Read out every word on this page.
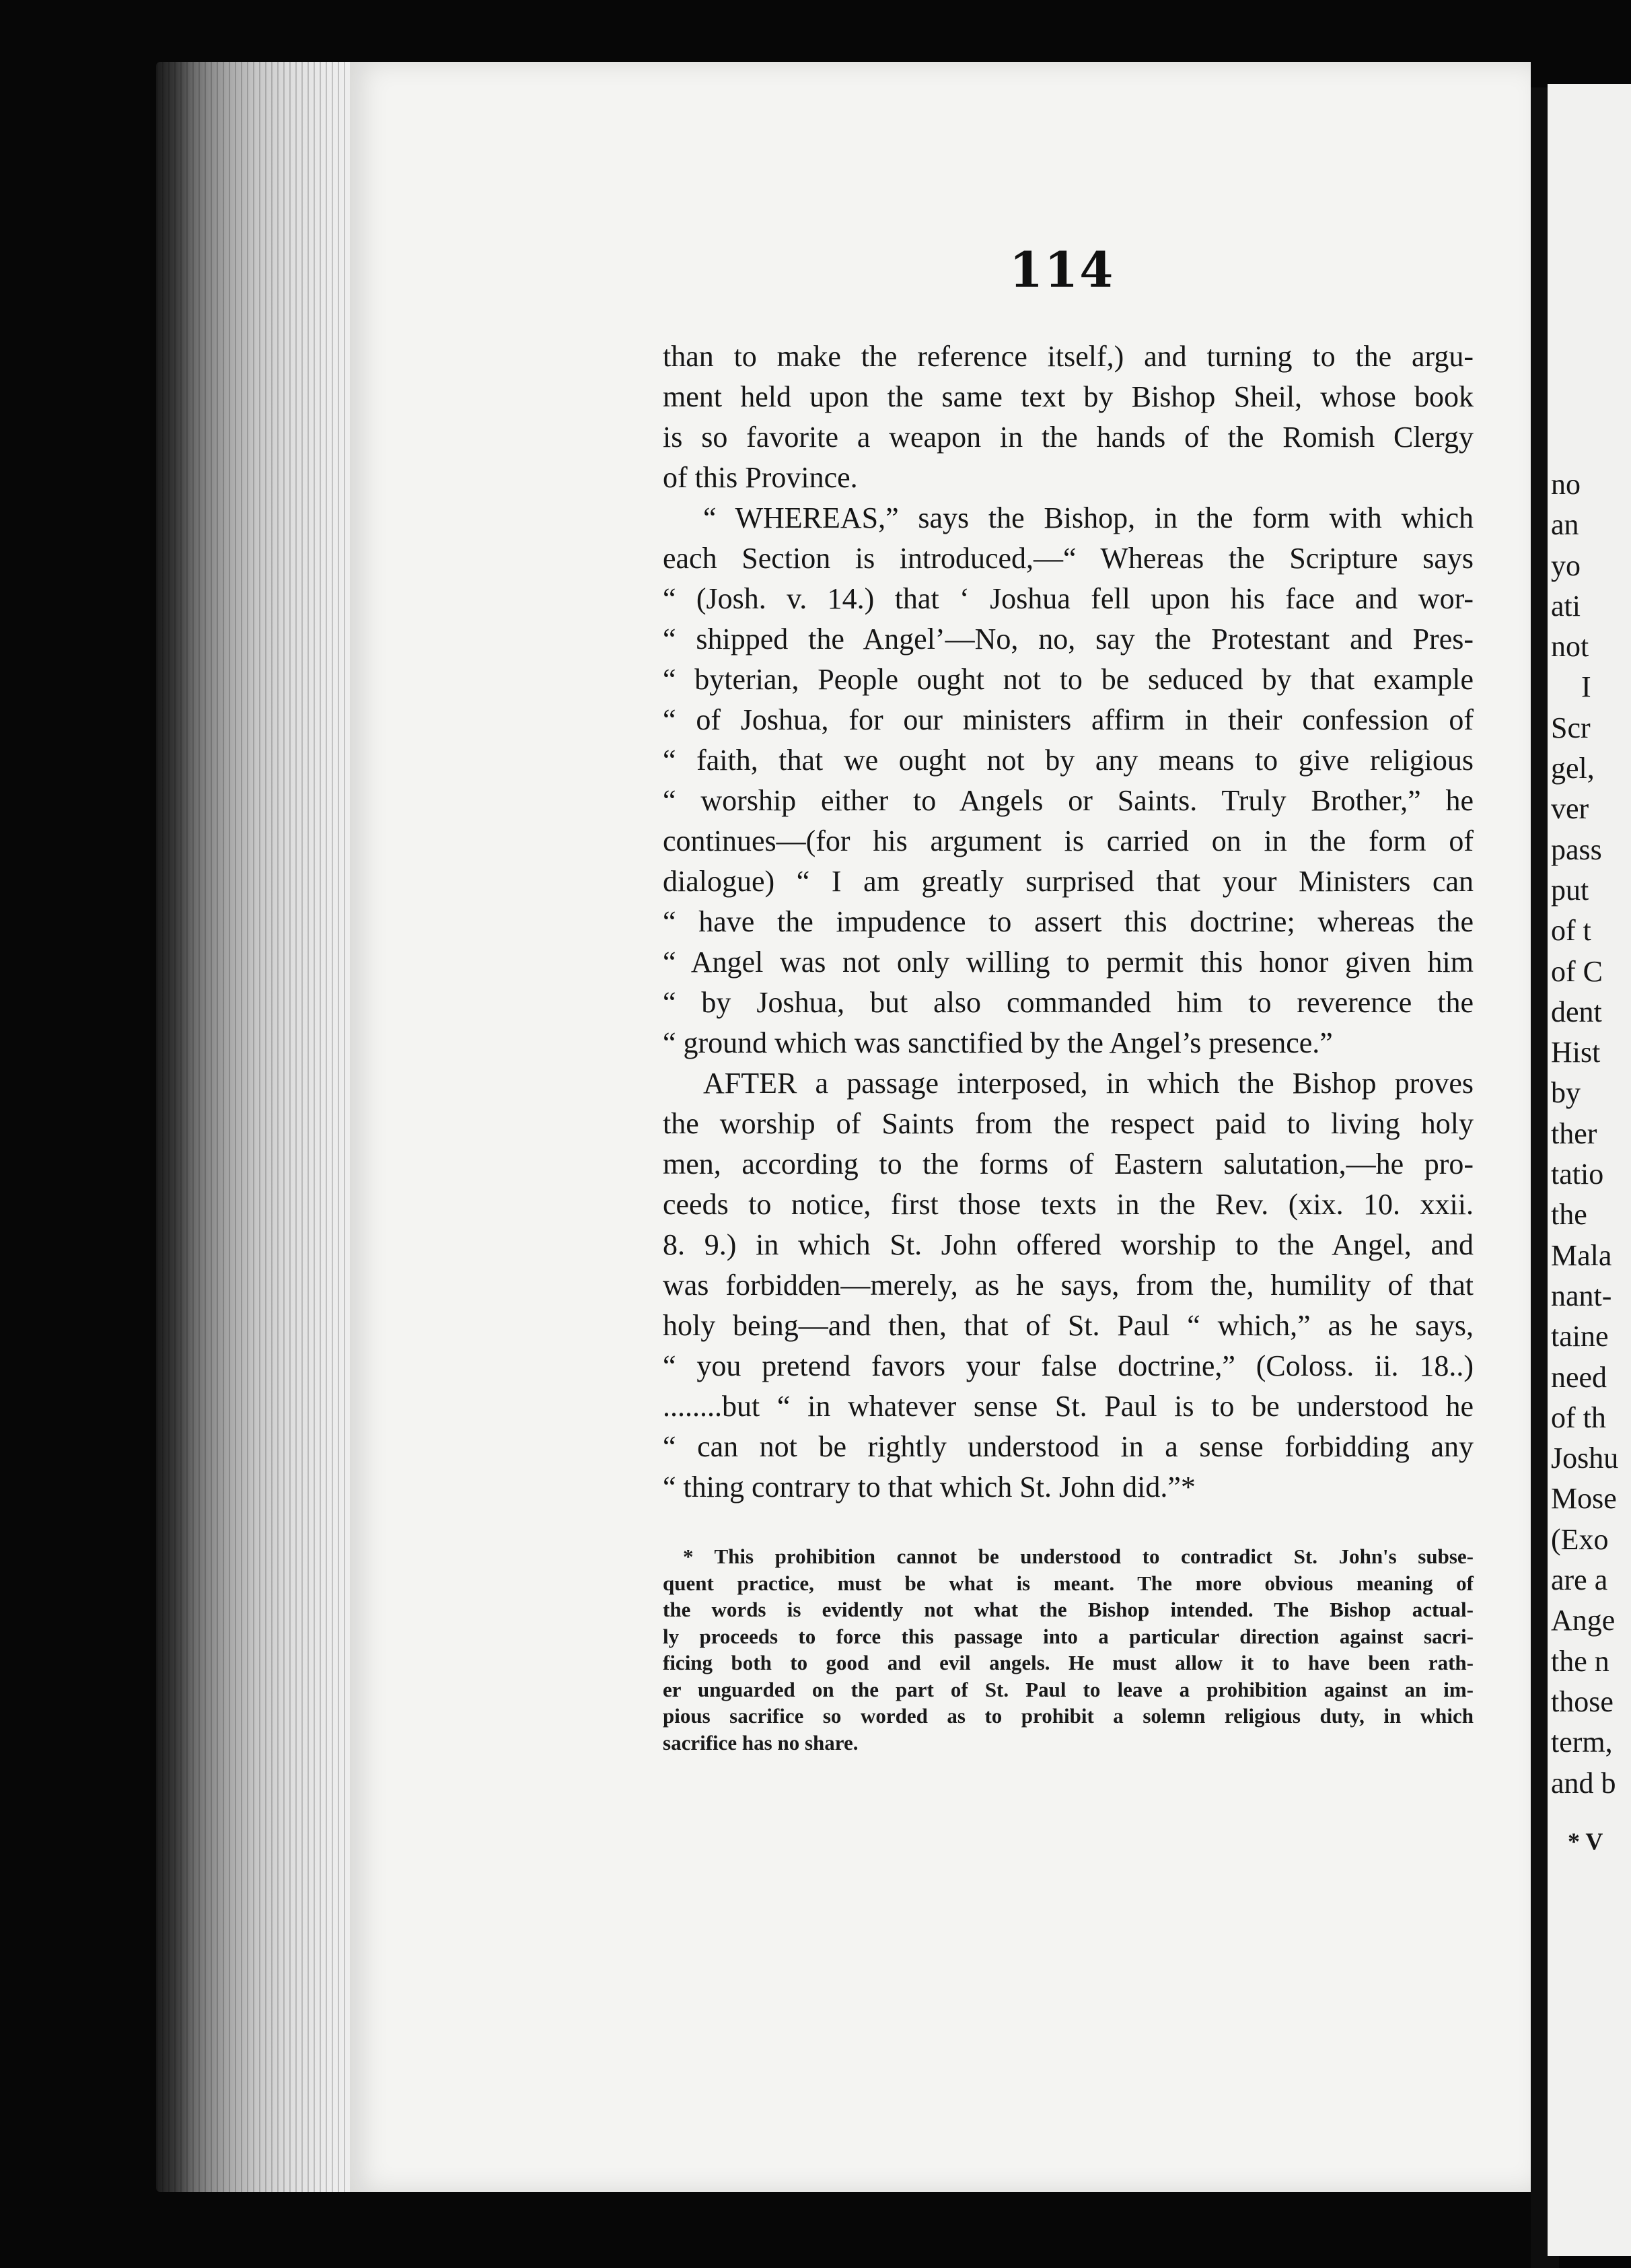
114
than to make the reference itself,) and turning to the argu-
ment held upon the same text by Bishop Sheil, whose book
is so favorite a weapon in the hands of the Romish Clergy
of this Province.
“ WHEREAS,” says the Bishop, in the form with which
each Section is introduced,—“ Whereas the Scripture says
“ (Josh. v. 14.) that ‘ Joshua fell upon his face and wor-
“ shipped the Angel’—No, no, say the Protestant and Pres-
“ byterian, People ought not to be seduced by that example
“ of Joshua, for our ministers affirm in their confession of
“ faith, that we ought not by any means to give religious
“ worship either to Angels or Saints. Truly Brother,” he
continues—(for his argument is carried on in the form of
dialogue) “ I am greatly surprised that your Ministers can
“ have the impudence to assert this doctrine; whereas the
“ Angel was not only willing to permit this honor given him
“ by Joshua, but also commanded him to reverence the
“ ground which was sanctified by the Angel’s presence.”
AFTER a passage interposed, in which the Bishop proves
the worship of Saints from the respect paid to living holy
men, according to the forms of Eastern salutation,—he pro-
ceeds to notice, first those texts in the Rev. (xix. 10. xxii.
8. 9.) in which St. John offered worship to the Angel, and
was forbidden—merely, as he says, from the, humility of that
holy being—and then, that of St. Paul “ which,” as he says,
“ you pretend favors your false doctrine,” (Coloss. ii. 18..)
........but “ in whatever sense St. Paul is to be understood he
“ can not be rightly understood in a sense forbidding any
“ thing contrary to that which St. John did.”*
* This prohibition cannot be understood to contradict St. John's subse-
quent practice, must be what is meant. The more obvious meaning of
the words is evidently not what the Bishop intended. The Bishop actual-
ly proceeds to force this passage into a particular direction against sacri-
ficing both to good and evil angels. He must allow it to have been rath-
er unguarded on the part of St. Paul to leave a prohibition against an im-
pious sacrifice so worded as to prohibit a solemn religious duty, in which
sacrifice has no share.
no
an
yo
ati
not
I
Scr
gel,
ver
pass
put
of t
of C
dent
Hist
by
ther
tatio
the
Mala
nant-
taine
need
of th
Joshu
Mose
(Exo
are a
Ange
the n
those
term,
and b
* V
